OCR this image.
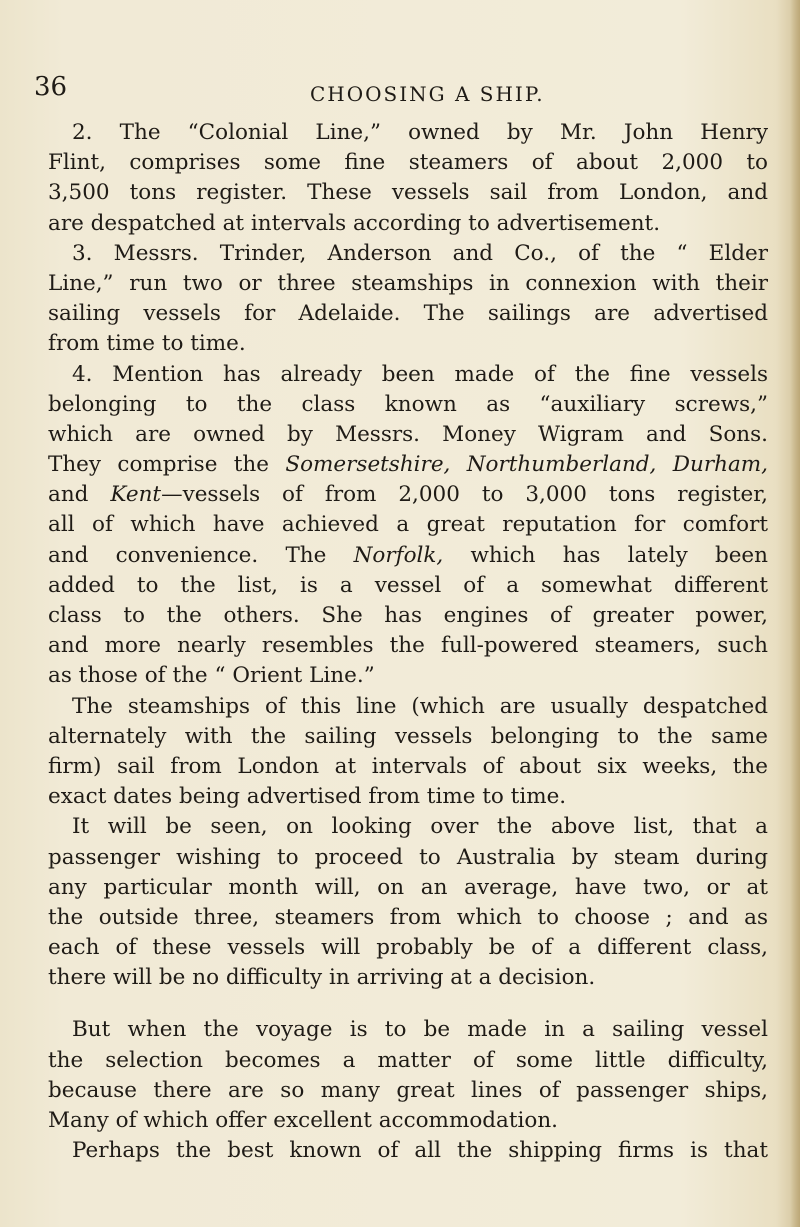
36	CHOOSING A SHIP.
2. The “Colonial Line,” owned by Mr. John Henry
Flint, comprises some fine steamers of about 2,000 to
3,500 tons register. These vessels sail from London, and
are despatched at intervals according to advertisement.
3. Messrs. Trinder, Anderson and Co., of the “ Elder
Line,” run two or three steamships in connexion with their
sailing vessels for Adelaide. The sailings are advertised
from time to time.
4. Mention has already been made of the fine vessels
belonging to the class known as “auxiliary screws,”
which are owned by Messrs. Money Wigram and Sons.
They comprise the Somersetshire, Northumberland, Durham,
and Kent—vessels of from 2,000 to 3,000 tons register,
all of which have achieved a great reputation for comfort
and convenience. The Norfolk, which has lately been
added to the list, is a vessel of a somewhat different
class to the others. She has engines of greater power,
and more nearly resembles the full-powered steamers, such
as those of the “ Orient Line.”
The steamships of this line (which are usually despatched
alternately with the sailing vessels belonging to the same
firm) sail from London at intervals of about six weeks, the
exact dates being advertised from time to time.
It will be seen, on looking over the above list, that a
passenger wishing to proceed to Australia by steam during
any particular month will, on an average, have two, or at
the outside three, steamers from which to choose ; and as
each of these vessels will probably be of a different class,
there will be no difficulty in arriving at a decision.
But when the voyage is to be made in a sailing vessel
the selection becomes a matter of some little difficulty,
because there are so many great lines of passenger ships,
Many of which offer excellent accommodation.
Perhaps the best known of all the shipping firms is that
